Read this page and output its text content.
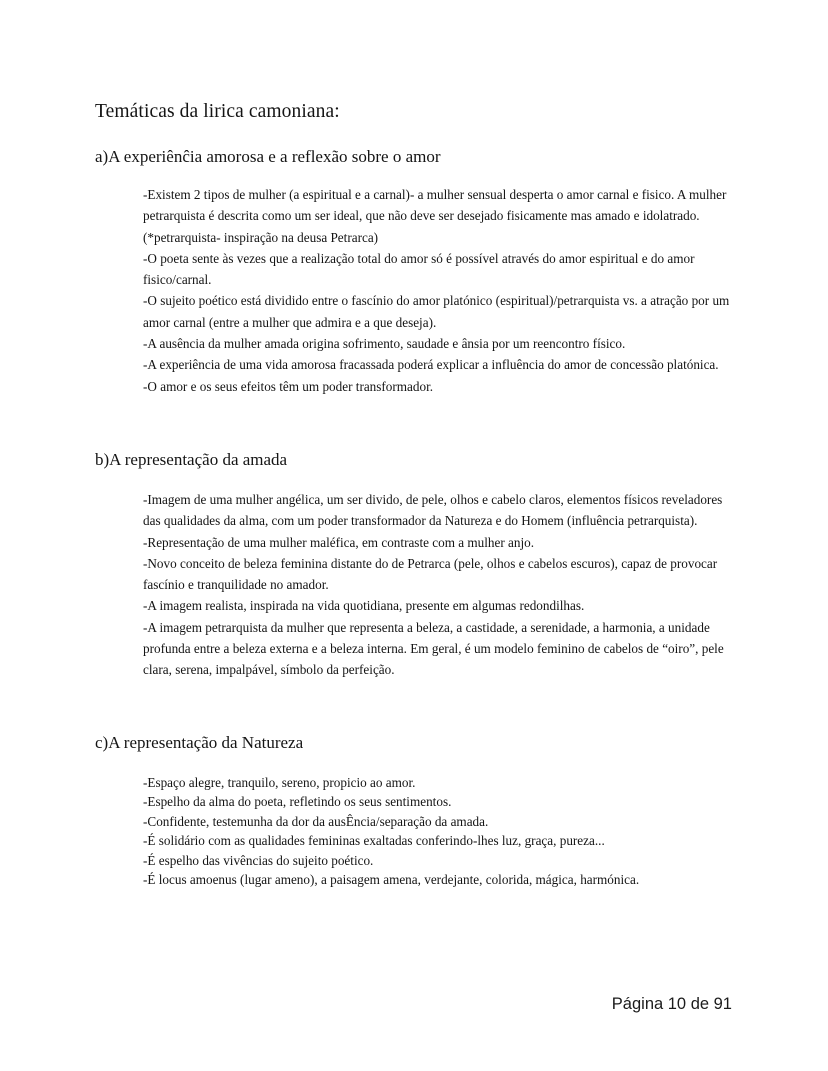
Temáticas da lirica camoniana:
a)A experiênĉia amorosa e a reflexão sobre o amor

-Existem 2 tipos de mulher (a espiritual e a carnal)- a mulher sensual desperta o amor carnal e fisico. A mulher petrarquista é descrita como um ser ideal, que não deve ser desejado fisicamente mas amado e idolatrado. (*petrarquista- inspiração na deusa Petrarca)

-O poeta sente às vezes que a realização total do amor só é possível através do amor espiritual e do amor fisico/carnal.

-O sujeito poético está dividido entre o fascínio do amor platónico (espiritual)/petrarquista vs. a atração por um amor carnal (entre a mulher que admira e a que deseja).

-A ausência da mulher amada origina sofrimento, saudade e ânsia por um reencontro físico.

-A experiência de uma vida amorosa fracassada poderá explicar a influência do amor de concessão platónica.

-O amor e os seus efeitos têm um poder transformador.

b)A representação da amada

-Imagem de uma mulher angélica, um ser divido, de pele, olhos e cabelo claros, elementos físicos reveladores das qualidades da alma, com um poder transformador da Natureza e do Homem (influência petrarquista).

-Representação de uma mulher maléfica, em contraste com a mulher anjo.

-Novo conceito de beleza feminina distante do de Petrarca (pele, olhos e cabelos escuros), capaz de provocar fascínio e tranquilidade no amador.

-A imagem realista, inspirada na vida quotidiana, presente em algumas redondilhas.

-A imagem petrarquista da mulher que representa a beleza, a castidade, a serenidade, a harmonia, a unidade profunda entre a beleza externa e a beleza interna. Em geral, é um modelo feminino de cabelos de “oiro”, pele clara, serena, impalpável, símbolo da perfeição.

c)A representação da Natureza

-Espaço alegre, tranquilo, sereno, propicio ao amor.

-Espelho da alma do poeta, refletindo os seus sentimentos.

-Confidente, testemunha da dor da ausÊncia/separação da amada.

-É solidário com as qualidades femininas exaltadas conferindo-lhes luz, graça, pureza...

-É espelho das vivências do sujeito poético.

-É locus amoenus (lugar ameno), a paisagem amena, verdejante, colorida, mágica, harmónica.

Página 10 de 91
